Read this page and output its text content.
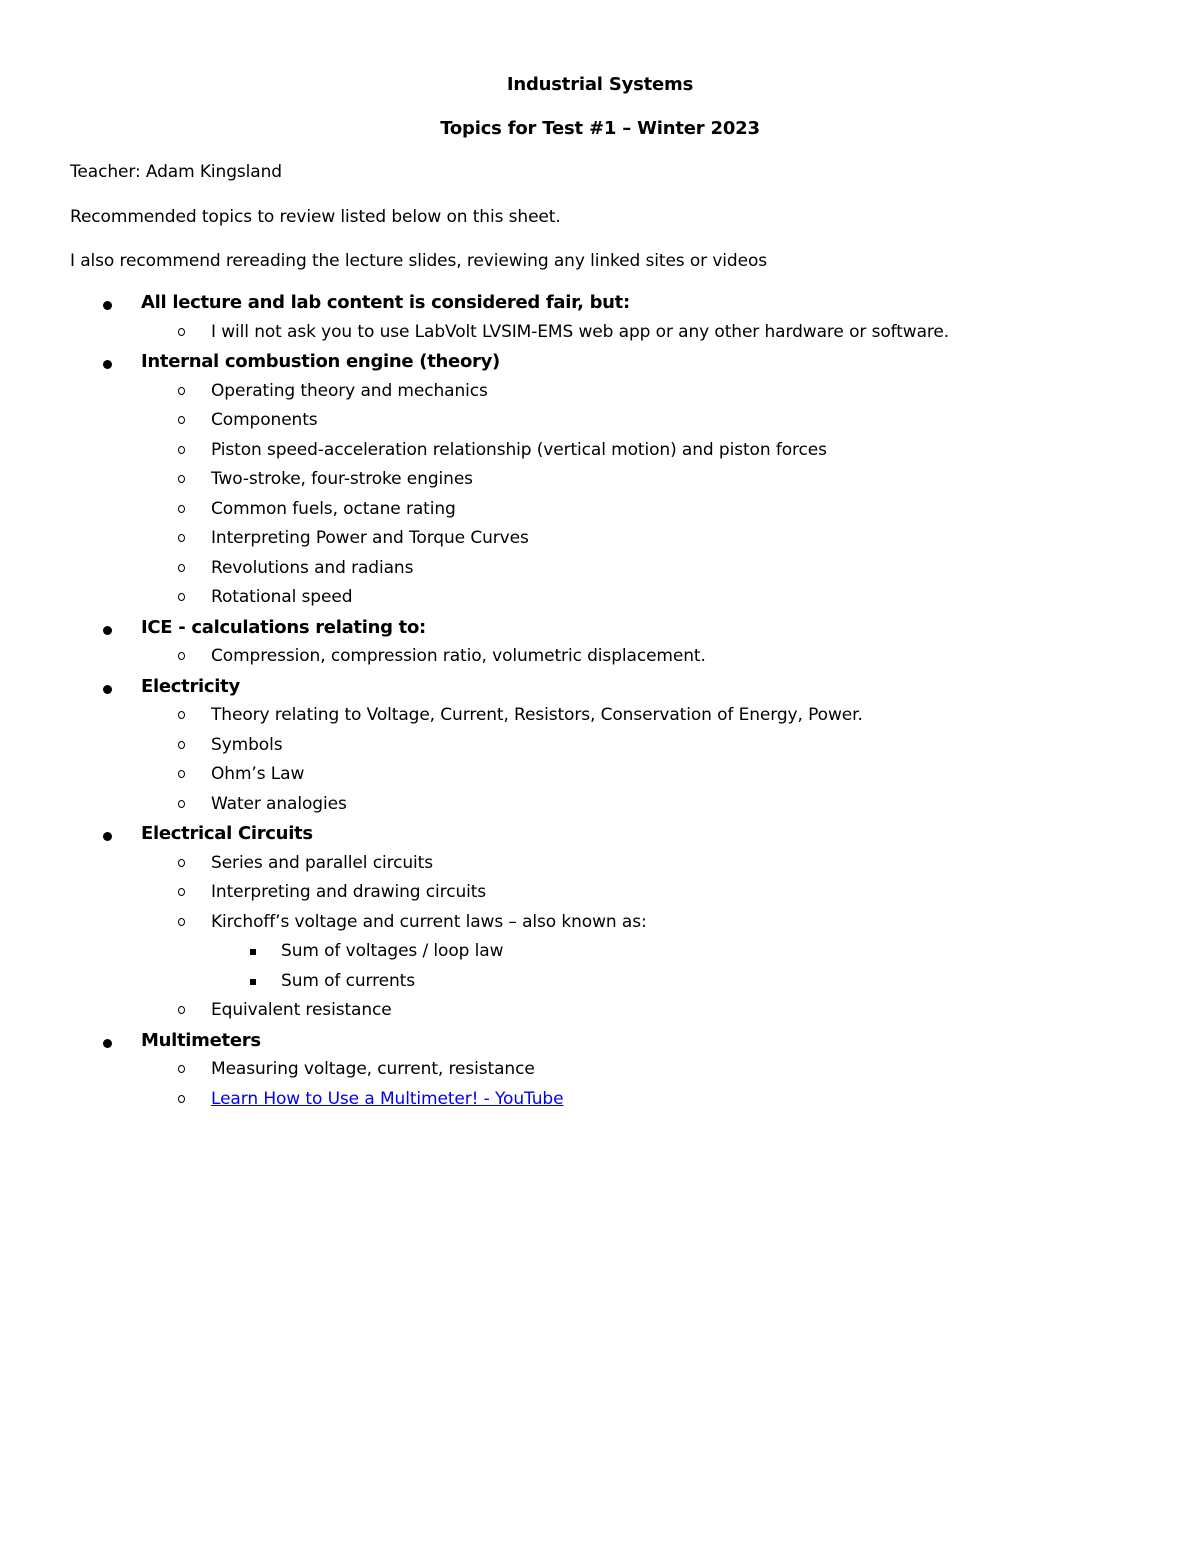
Industrial Systems
Topics for Test #1 – Winter 2023
Teacher: Adam Kingsland
Recommended topics to review listed below on this sheet.
I also recommend rereading the lecture slides, reviewing any linked sites or videos
All lecture and lab content is considered fair, but:
I will not ask you to use LabVolt LVSIM-EMS web app or any other hardware or software.
Internal combustion engine (theory)
Operating theory and mechanics
Components
Piston speed-acceleration relationship (vertical motion) and piston forces
Two-stroke, four-stroke engines
Common fuels, octane rating
Interpreting Power and Torque Curves
Revolutions and radians
Rotational speed
ICE - calculations relating to:
Compression, compression ratio, volumetric displacement.
Electricity
Theory relating to Voltage, Current, Resistors, Conservation of Energy, Power.
Symbols
Ohm’s Law
Water analogies
Electrical Circuits
Series and parallel circuits
Interpreting and drawing circuits
Kirchoff’s voltage and current laws – also known as:
Sum of voltages / loop law
Sum of currents
Equivalent resistance
Multimeters
Measuring voltage, current, resistance
Learn How to Use a Multimeter! - YouTube
